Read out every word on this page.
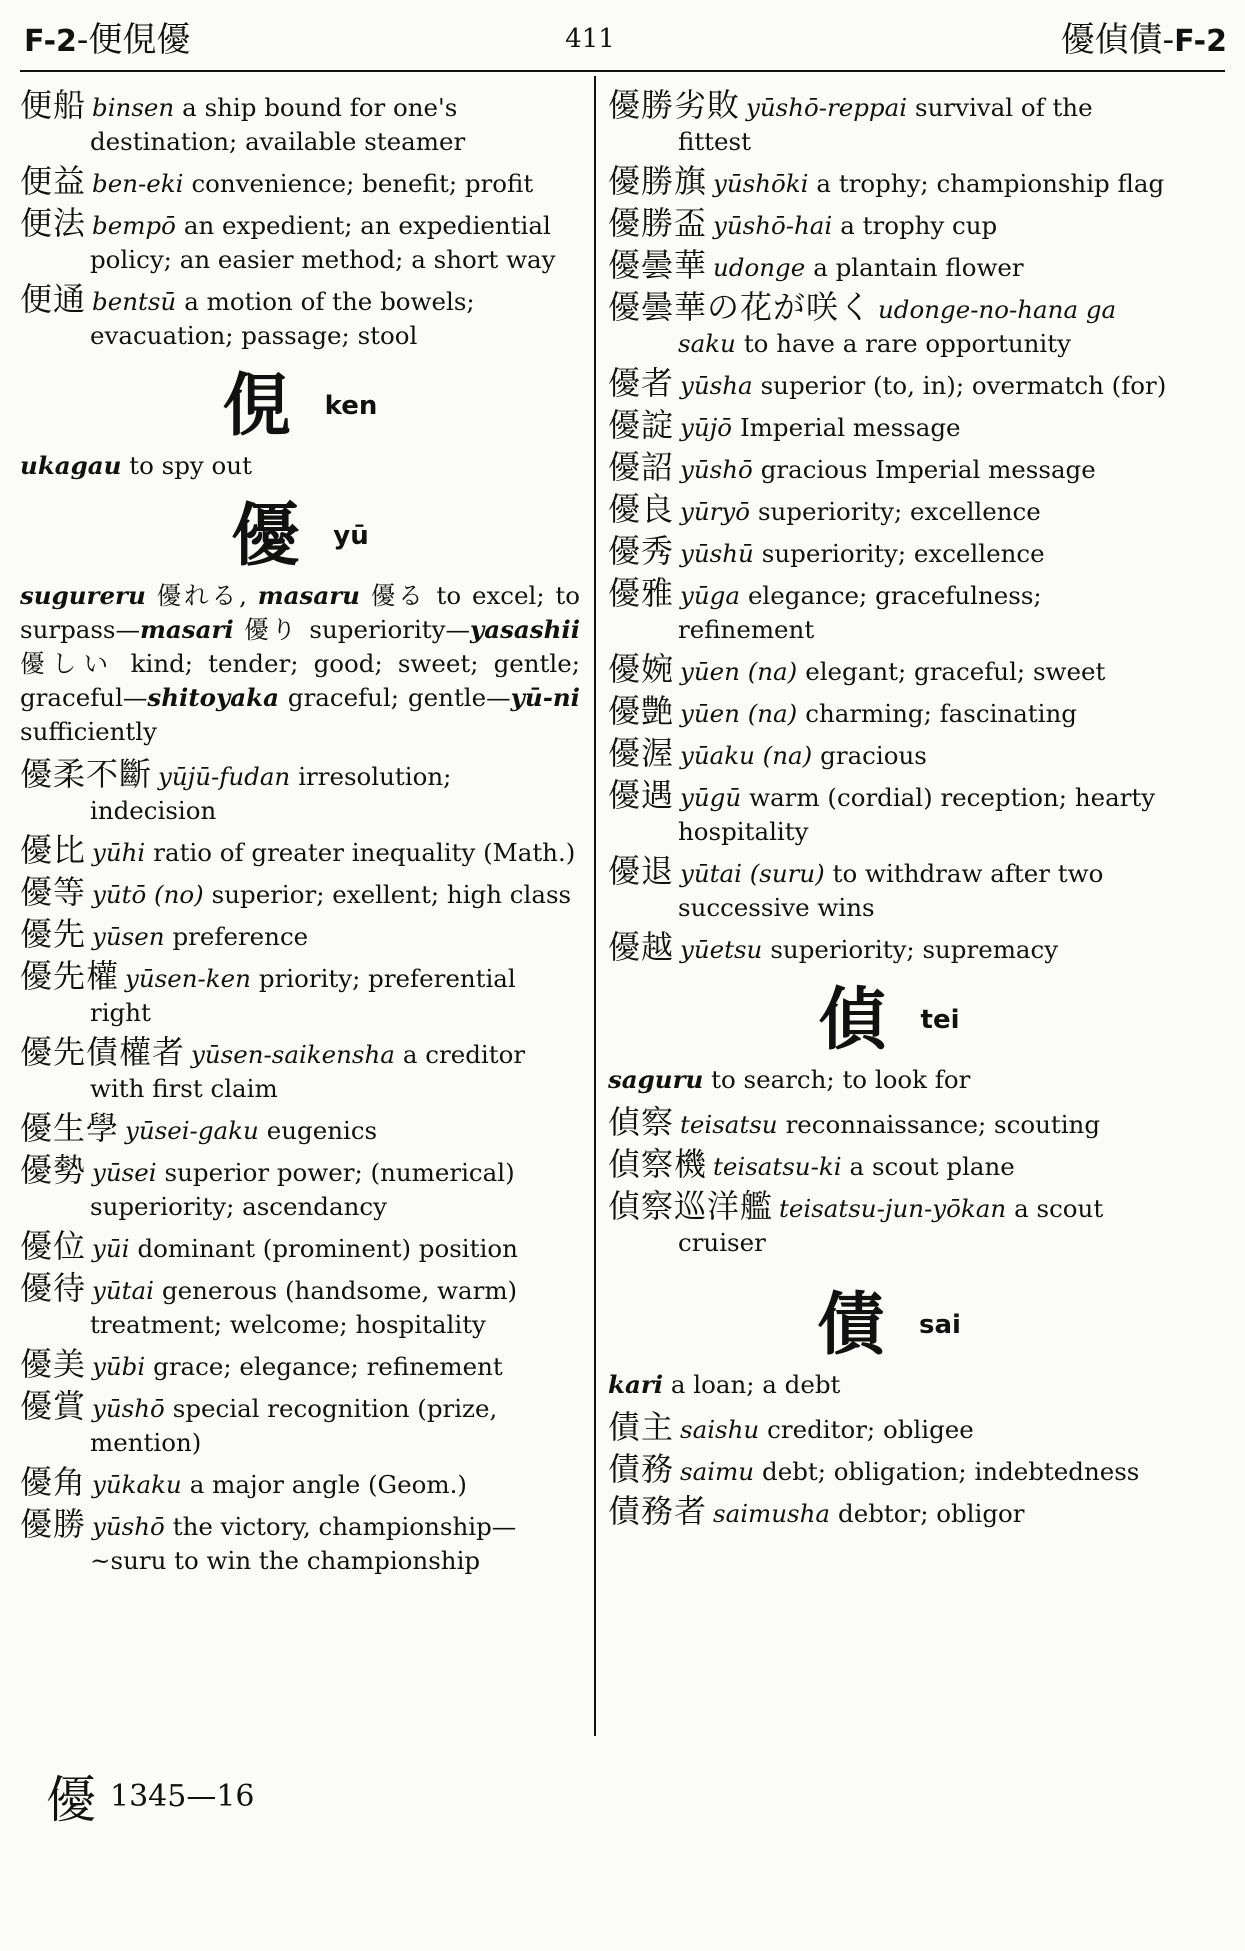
F-2-便俔優	411	優偵債-F-2
便船 binsen a ship bound for one's destination; available steamer
便益 ben-eki convenience; benefit; profit
便法 bempō an expedient; an expediential policy; an easier method; a short way
便通 bentsū a motion of the bowels; evacuation; passage; stool
俔 ken
ukagau to spy out
優 yū
sugureru 優れる, masaru 優る to excel; to surpass—masari 優り superiority—yasashii 優しい kind; tender; good; sweet; gentle; graceful—shitoyaka graceful; gentle—yū-ni sufficiently
優柔不斷 yūjū-fudan irresolution; indecision
優比 yūhi ratio of greater inequality (Math.)
優等 yūtō (no) superior; exellent; high class
優先 yūsen preference
優先權 yūsen-ken priority; preferential right
優先債權者 yūsen-saikensha a creditor with first claim
優生學 yūsei-gaku eugenics
優勢 yūsei superior power; (numerical) superiority; ascendancy
優位 yūi dominant (prominent) position
優待 yūtai generous (handsome, warm) treatment; welcome; hospitality
優美 yūbi grace; elegance; refinement
優賞 yūshō special recognition (prize, mention)
優角 yūkaku a major angle (Geom.)
優勝 yūshō the victory, championship—~suru to win the championship
優勝劣敗 yūshō-reppai survival of the fittest
優勝旗 yūshōki a trophy; championship flag
優勝盃 yūshō-hai a trophy cup
優曇華 udonge a plantain flower
優曇華の花が咲く udonge-no-hana ga saku to have a rare opportunity
優者 yūsha superior (to, in); overmatch (for)
優諚 yūjō Imperial message
優詔 yūshō gracious Imperial message
優良 yūryō superiority; excellence
優秀 yūshū superiority; excellence
優雅 yūga elegance; gracefulness; refinement
優婉 yūen (na) elegant; graceful; sweet
優艶 yūen (na) charming; fascinating
優渥 yūaku (na) gracious
優遇 yūgū warm (cordial) reception; hearty hospitality
優退 yūtai (suru) to withdraw after two successive wins
優越 yūetsu superiority; supremacy
偵 tei
saguru to search; to look for
偵察 teisatsu reconnaissance; scouting
偵察機 teisatsu-ki a scout plane
偵察巡洋艦 teisatsu-jun-yōkan a scout cruiser
債 sai
kari a loan; a debt
債主 saishu creditor; obligee
債務 saimu debt; obligation; indebtedness
債務者 saimusha debtor; obligor
優 1345—16
